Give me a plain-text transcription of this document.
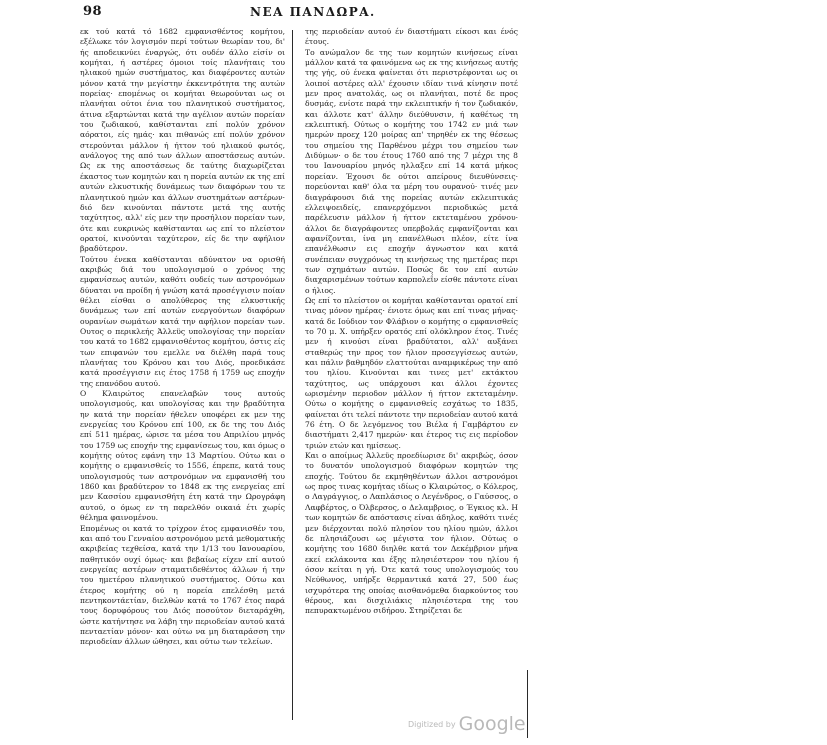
98	ΝΕΑ ΠΑΝΔΩΡΑ.

εκ τού κατά τό 1682 εμφανισθέντος κομήτου, εξέλωκε τόν λογισμόν περί τούτων θεωρίαν του, δι' ής αποδεικνύει έναργώς, ότι ουδέν άλλο είσίν οι κομήται, ή αστέρες όμοιοι τοίς πλανήταις του ηλιακού ημών συστήματος, και διαφέροντες αυτών μόνον κατά την μεγίστην έκκεντρότητα της αυτών πορείας· επομένως οι κομήται θεωρούνται ως οι πλανήται ούτοι ένια του πλανητικού συστήματος, άτινα εξαρτώνται κατά την αγέλιον αυτών πορείαν του ζωδιακού, καθίστανται επί πολύν χρόνον αόρατοι, είς ημάς· και πιθανώς επί πολύν χρόνον στερούνται μάλλον ή ήττον τού ηλιακού φωτός, ανάλογος της από των άλλων αποστάσεως αυτών. Ως εκ της αποστάσεως δε ταύτης διαχωρίζεται έκαστος των κομητών και η πορεία αυτών εκ της επί αυτών ελκυστικής δυνάμεως των διαφόρων του τε πλανητικού ημών και άλλων συστημάτων αστέρων· διό δεν κινούνται πάντοτε μετά της αυτής ταχύτητος, αλλ' είς μεν την προσήλιον πορείαν των, ότε και ευκρινώς καθίστανται ως επί το πλείστον ορατοί, κινούνται ταχύτερον, είς δε την αφήλιον βραδύτερον.

Τούτου ένεκα καθίστανται αδύνατον να ορισθή ακριβώς διά του υπολογισμού ο χρόνος της εμφανίσεως αυτών, καθότι ουδείς των αστρονόμων δύναται να προίδη ή γνώση κατά προσέγγισιν ποίαν θέλει είσθαι ο απολύθερος της ελκυστικής δυνάμεως των επί αυτών ενεργούντων διαφόρων ουρανίων σωμάτων κατά την αφήλιον πορείαν των. Ουτος ο περικλεής Άλλεϋς υπολογίσας την πορείαν του κατά το 1682 εμφανισθέντος κομήτου, όστις είς των επιφανών του εμελλε να διέλθη παρά τους πλανήτας του Κρόνου και του Διός, προεδικάσε κατά προσέγγισιν εις έτος 1758 ή 1759 ως εποχήν της επανόδου αυτού.

Ο Κλαιρώτος επανελαβών τους αυτούς υπολογισμούς, και υπολογίσας και την βραδύτητα ην κατά την πορείαν ήθελεν υποφέρει εκ μεν της ενεργείας του Κρόνου επί 100, εκ δε της του Διός επί 511 ημέρας, ώρισε τα μέσα του Απριλίου μηνός του 1759 ως εποχήν της εμφανίσεως του, και όμως ο κομήτης ούτος εφάνη την 13 Μαρτίου. Ούτω και ο κομήτης ο εμφανισθείς το 1556, έπρεπε, κατά τους υπολογισμούς των αστρονόμων να εμφανισθή του 1860 και βραδύτερον το 1848 εκ της ενεργείας επί μεν Κασσίου εμφανισθήτη έτη κατά την Ωρογράφη αυτού, ο όμως εν τη παρελθόν οικαιά έτι χωρίς θέλημα φαινομένου.

Επομένως οι κατά το τρίχρον έτος εμφανισθέν του, και από του Γενναίου αστρονόμου μετά μεθοματικής ακριβείας τεχθείσα, κατά την 1/13 του Ιανουαρίου, παθητικόν ουχί όμως· και βεβαίως είχεν επί αυτού ενεργείας αστέρων σταματιδεθέντος άλλων ή την του ημετέρου πλανητικού συστήματος. Ούτω και έτερος κομήτης ού η πορεία επελέσθη μετά πεντηκοντάετίαν, διελθών κατά το 1767 έτος παρά τους δορυφόρους του Διός ποσούτον διεταράχθη, ώστε κατήντησε να λάβη την περιοδείαν αυτού κατά πενταετίαν μόνον· και ούτω να μη διαταράσση την περιοδείαν άλλων ώθησει, και ούτω των τελείων.

της περιοδείαν αυτού έν διαστήματι είκοσι και ένός έτους.

Το ανώμαλον δε της των κομητών κινήσεως είναι μάλλον κατά τα φαινόμενα ως εκ της κινήσεως αυτής της γής, ού ένεκα φαίνεται ότι περιστρέφονται ως οι λοιποί αστέρες αλλ' έχουσιν ιδίαν τινά κίνησιν ποτέ μεν προς ανατολάς, ως οι πλανήται, ποτέ δε προς δυσμάς, ενίοτε παρά την εκλειπτικήν ή τον ζωδιακόν, και άλλοτε κατ' άλλην διεύθυνσιν, ή καθέτως τη εκλειπτική. Ούτως ο κομήτης του 1742 εν μιά των ημερών προεχ 120 μοίρας απ' τηρηθέν εκ της θέσεως του σημείου της Παρθένου μέχρι του σημείου των Διδύμων· ο δε του έτους 1760 από της 7 μέχρι της 8 του Ιανουαρίου μηνός ηλλαξεν επί 14 κατά μήκος πορείαν. Έχουσι δε ούτοι απείρους διευθύνσεις· πορεύονται καθ' όλα τα μέρη του ουρανού· τινές μεν διαγράφουσι διά της πορείας αυτών εκλειπτικάς ελλειψοειδείς, επανερχόμενοι περιοδικώς μετά παρέλευσιν μάλλον ή ήττον εκτεταμένου χρόνου· άλλοι δε διαγράφοντες υπερβολάς εμφανίζονται και αφανίζονται, ίνα μη επανέλθωσι πλέον, είτε ίνα επανέλθωσιν εις εποχήν άγνωστον και κατά συνέπειαν συγχρόνως τη κινήσεως της ημετέρας περι των σχημάτων αυτών. Ποσώς δε τον επί αυτών διαχαρισμένων τούτων καρπολεΐν είσθε πάντοτε είναι ο ήλιος.

Ως επί το πλείστον οι κομήται καθίστανται ορατοί επί τινας μόνον ημέρας· ένιοτε όμως και επί τινας μήνας· κατά δε Ιούδιον τον Φλάβιον ο κομήτης ο εμφανισθείς το 70 μ. Χ. υπήρξεν ορατός επί ολόκληρον έτος. Τινές μεν ή κινούσι είναι βραδύτατοι, αλλ' αυξάνει σταθερώς την προς τον ήλιον προσεγγίσεως αυτών, και πάλιν βαθμηδόν ελαττούται αναμφικέρως την από του ηλίου. Κινούνται και τινες μετ' εκτάκτου ταχύτητος, ως υπάρχουσι και άλλοι έχοντες ωρισμένην περιοδον μάλλον ή ήττον εκτεταμένην. Ούτω ο κομήτης ο εμφανισθείς εσχάτως το 1835, φαίνεται ότι τελεί πάντοτε την περιοδείαν αυτού κατά 76 έτη. Ο δε λεγόμενος του Βιέλα ή Γαμβάρτου εν διαστήματι 2,417 ημερών· και έτερος τις εις περίοδον τριών ετών και ημίσεως.

Και ο αποίμως Άλλεϋς προεδίωρισε δι' ακριβώς, όσον το δυνατόν υπολογισμού διαφόρων κομητών της εποχής. Τούτου δε εκμηθηθέντων άλλοι αστρονόμοι ως προς τινας κομήτας ιδίως ο Κλαιρώτος, ο Κόλερος, ο Λαγράγγιος, ο Λαπλάσιος ο Λεγένδρος, ο Γαύσσος, ο Λαφβέρτος, ο Όλβερσος, ο Δελαμβριος, ο Έγκιος κλ. Η των κομητών δε απόστασις είναι άδηλος, καθότι τινές μεν διέρχονται πολύ πλησίον του ηλίου ημών, άλλοι δε πλησιάζουσι ως μέγιστα τον ήλιον. Ούτως ο κομήτης του 1680 διηλθε κατά τον Δεκέμβριον μήνα εκεί εκλάκοντα και έξης πλησιέστερον του ηλίου ή όσον κείται η γή. Ότε κατά τους υπολογισμούς του Νεύθωνος, υπήρξε θερμαντικά κατά 27, 500 έως ισχυρότερα της οποίας αισθανόμεθα διαρκούντος του θέρους, και δισχιλιάκις πλησιέστερα της του πεπυρακτωμένου σιδήρου. Στηρίζεται δε

Digitized by Google
